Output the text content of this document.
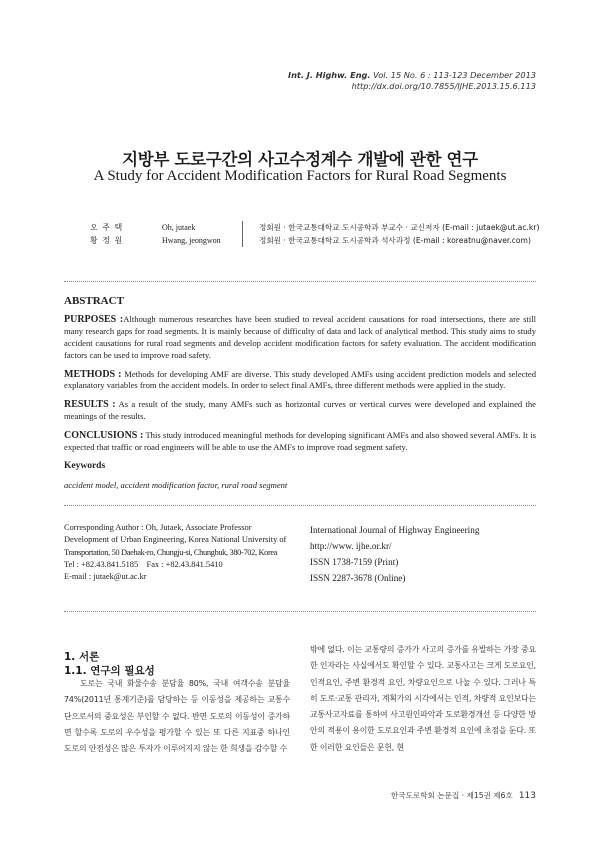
Int. J. Highw. Eng. Vol. 15 No. 6 : 113-123 December 2013
http://dx.doi.org/10.7855/IJHE.2013.15.6.113
지방부 도로구간의 사고수정계수 개발에 관한 연구
A Study for Accident Modification Factors for Rural Road Segments
오 주 택	Oh, jutaek	정회원 · 한국교통대학교 도시공학과 부교수 · 교신저자 (E-mail : jutaek@ut.ac.kr)
황 정 원	Hwang, jeongwon	정회원 · 한국교통대학교 도시공학과 석사과정 (E-mail : koreatnu@naver.com)
ABSTRACT

PURPOSES :Although numerous researches have been studied to reveal accident causations for road intersections, there are still many research gaps for road segments. It is mainly because of difficulty of data and lack of analytical method. This study aims to study accident causations for rural road segments and develop accident modification factors for safety evaluation. The accident modification factors can be used to improve road safety.

METHODS : Methods for developing AMF are diverse. This study developed AMFs using accident prediction models and selected explanatory variables from the accident models. In order to select final AMFs, three different methods were applied in the study.

RESULTS : As a result of the study, many AMFs such as horizontal curves or vertical curves were developed and explained the meanings of the results.

CONCLUSIONS : This study introduced meaningful methods for developing significant AMFs and also showed several AMFs. It is expected that traffic or road engineers will be able to use the AMFs to improve road segment safety.

Keywords

accident model, accident modification factor, rural road segment

Corresponding Author : Oh, Jutaek, Associate Professor
Development of Urban Engineering, Korea National University of
Transportation, 50 Daehak-ro, Chungju-si, Chungbuk, 380-702, Korea
Tel : +82.43.841.5185    Fax : +82.43.841.5410
E-mail : jutaek@ut.ac.kr
International Journal of Highway Engineering
http://www. ijhe.or.kr/
ISSN 1738-7159 (Print)
ISSN 2287-3678 (Online)
1. 서론
1.1. 연구의 필요성
도로는 국내 화물수송 분담율 80%, 국내 여객수송 분담율 74%(2011년 통계기준)를 담당하는 등 이동성을 제공하는 교통수단으로서의 중요성은 부인할 수 없다. 반면 도로의 이동성이 증가하면 할수록 도로의 우수성을 평가할 수 있는 또 다른 지표중 하나인 도로의 안전성은 많은 투자가 이루어지지 않는 한 희생을 감수할 수
밖에 없다. 이는 교통량의 증가가 사고의 증가를 유발하는 가장 중요한 인자라는 사실에서도 확인할 수 있다. 교통사고는 크게 도로요인, 인적요인, 주변 환경적 요인, 차량요인으로 나눌 수 있다. 그러나 특히 도로·교통 관리자, 계획가의 시각에서는 인적, 차량적 요인보다는 교통사고자료를 통하여 사고원인파악과 도로환경개선 등 다양한 방안의 적용이 용이한 도로요인과 주변 환경적 요인에 초점을 둔다. 또한 이러한 요인들은 문헌, 현
한국도로학회 논문집 · 제15권 제6호 113
